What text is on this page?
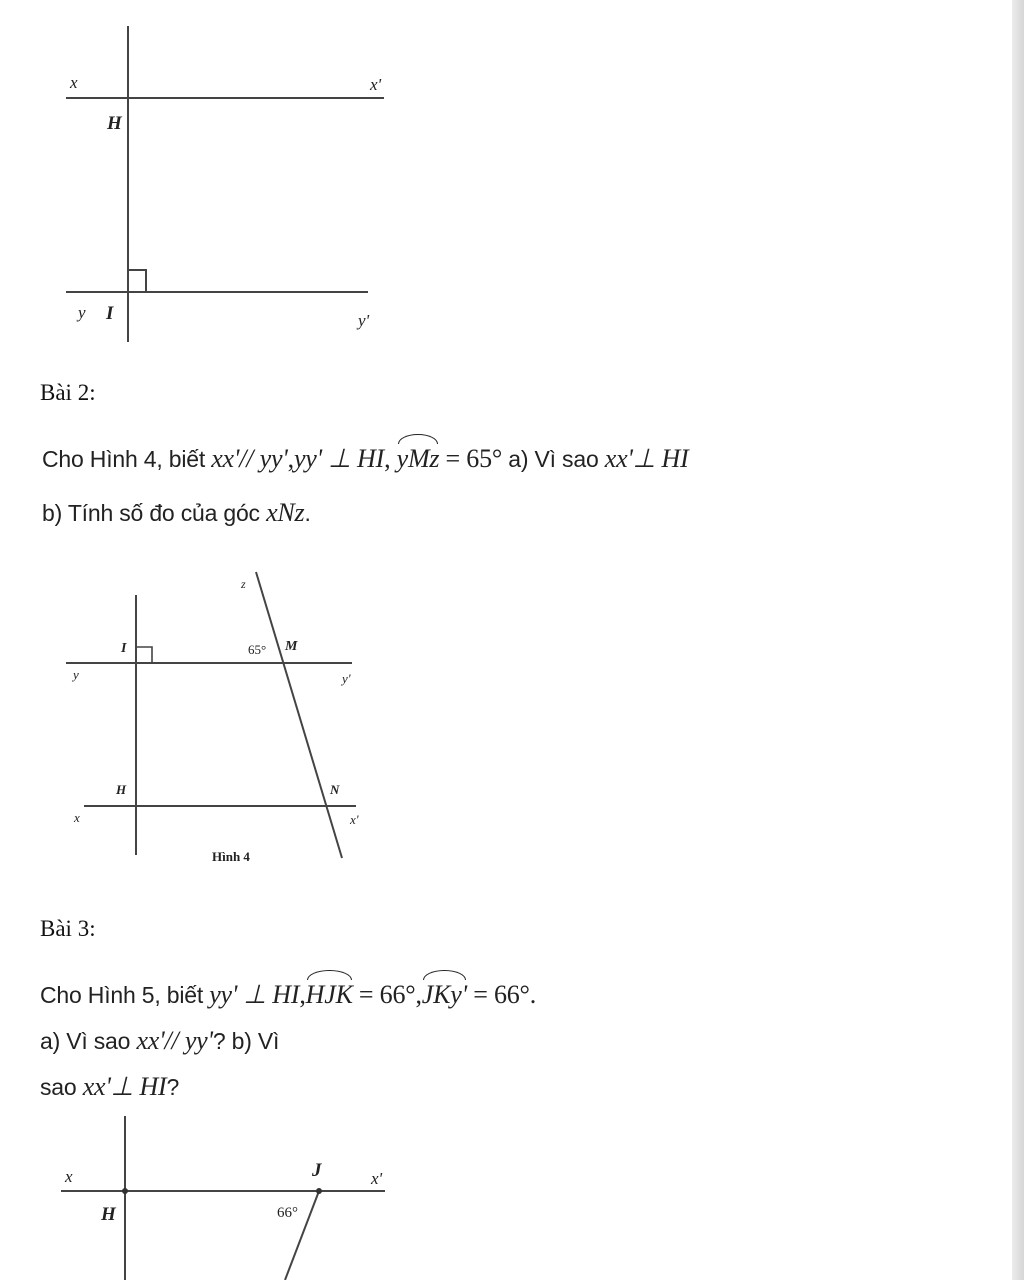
x	x'
H
y I	y'
Bài 2:
Cho Hình 4, biết xx'// yy',yy' ⊥ HI, yMz = 65° a) Vì sao xx'⊥ HI
b) Tính số đo của góc xNz.
z
I	65° M
y	y'
H	N
x	x'
Hình 4
Bài 3:
Cho Hình 5, biết yy' ⊥ HI,HJK = 66°,JKy' = 66°.
a) Vì sao xx'// yy'? b) Vì
sao xx'⊥ HI?
x	J	x'
H	66°
